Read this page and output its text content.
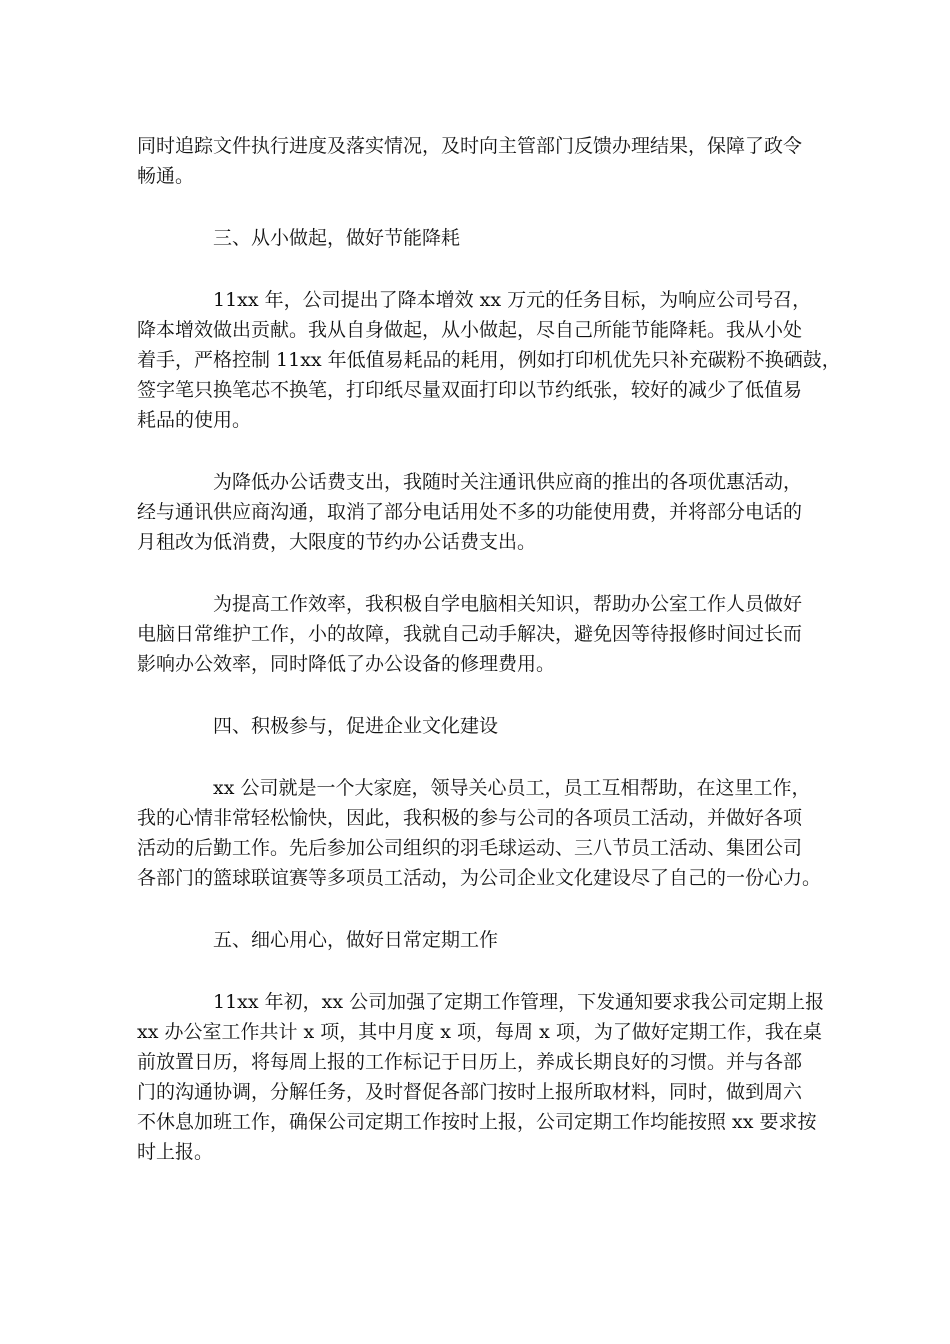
同时追踪文件执行进度及落实情况，及时向主管部门反馈办理结果，保障了政令
畅通。
三、从小做起，做好节能降耗
11xx 年，公司提出了降本增效 xx 万元的任务目标，为响应公司号召，
降本增效做出贡献。我从自身做起，从小做起，尽自己所能节能降耗。我从小处
着手，严格控制 11xx 年低值易耗品的耗用，例如打印机优先只补充碳粉不换硒鼓，
签字笔只换笔芯不换笔，打印纸尽量双面打印以节约纸张，较好的减少了低值易
耗品的使用。
为降低办公话费支出，我随时关注通讯供应商的推出的各项优惠活动，
经与通讯供应商沟通，取消了部分电话用处不多的功能使用费，并将部分电话的
月租改为低消费，大限度的节约办公话费支出。
为提高工作效率，我积极自学电脑相关知识，帮助办公室工作人员做好
电脑日常维护工作，小的故障，我就自己动手解决，避免因等待报修时间过长而
影响办公效率，同时降低了办公设备的修理费用。
四、积极参与，促进企业文化建设
xx 公司就是一个大家庭，领导关心员工，员工互相帮助，在这里工作，
我的心情非常轻松愉快，因此，我积极的参与公司的各项员工活动，并做好各项
活动的后勤工作。先后参加公司组织的羽毛球运动、三八节员工活动、集团公司
各部门的篮球联谊赛等多项员工活动，为公司企业文化建设尽了自己的一份心力。
五、细心用心，做好日常定期工作
11xx 年初，xx 公司加强了定期工作管理，下发通知要求我公司定期上报
xx 办公室工作共计 x 项，其中月度 x 项，每周 x 项，为了做好定期工作，我在桌
前放置日历，将每周上报的工作标记于日历上，养成长期良好的习惯。并与各部
门的沟通协调，分解任务，及时督促各部门按时上报所取材料，同时，做到周六
不休息加班工作，确保公司定期工作按时上报，公司定期工作均能按照 xx 要求按
时上报。
